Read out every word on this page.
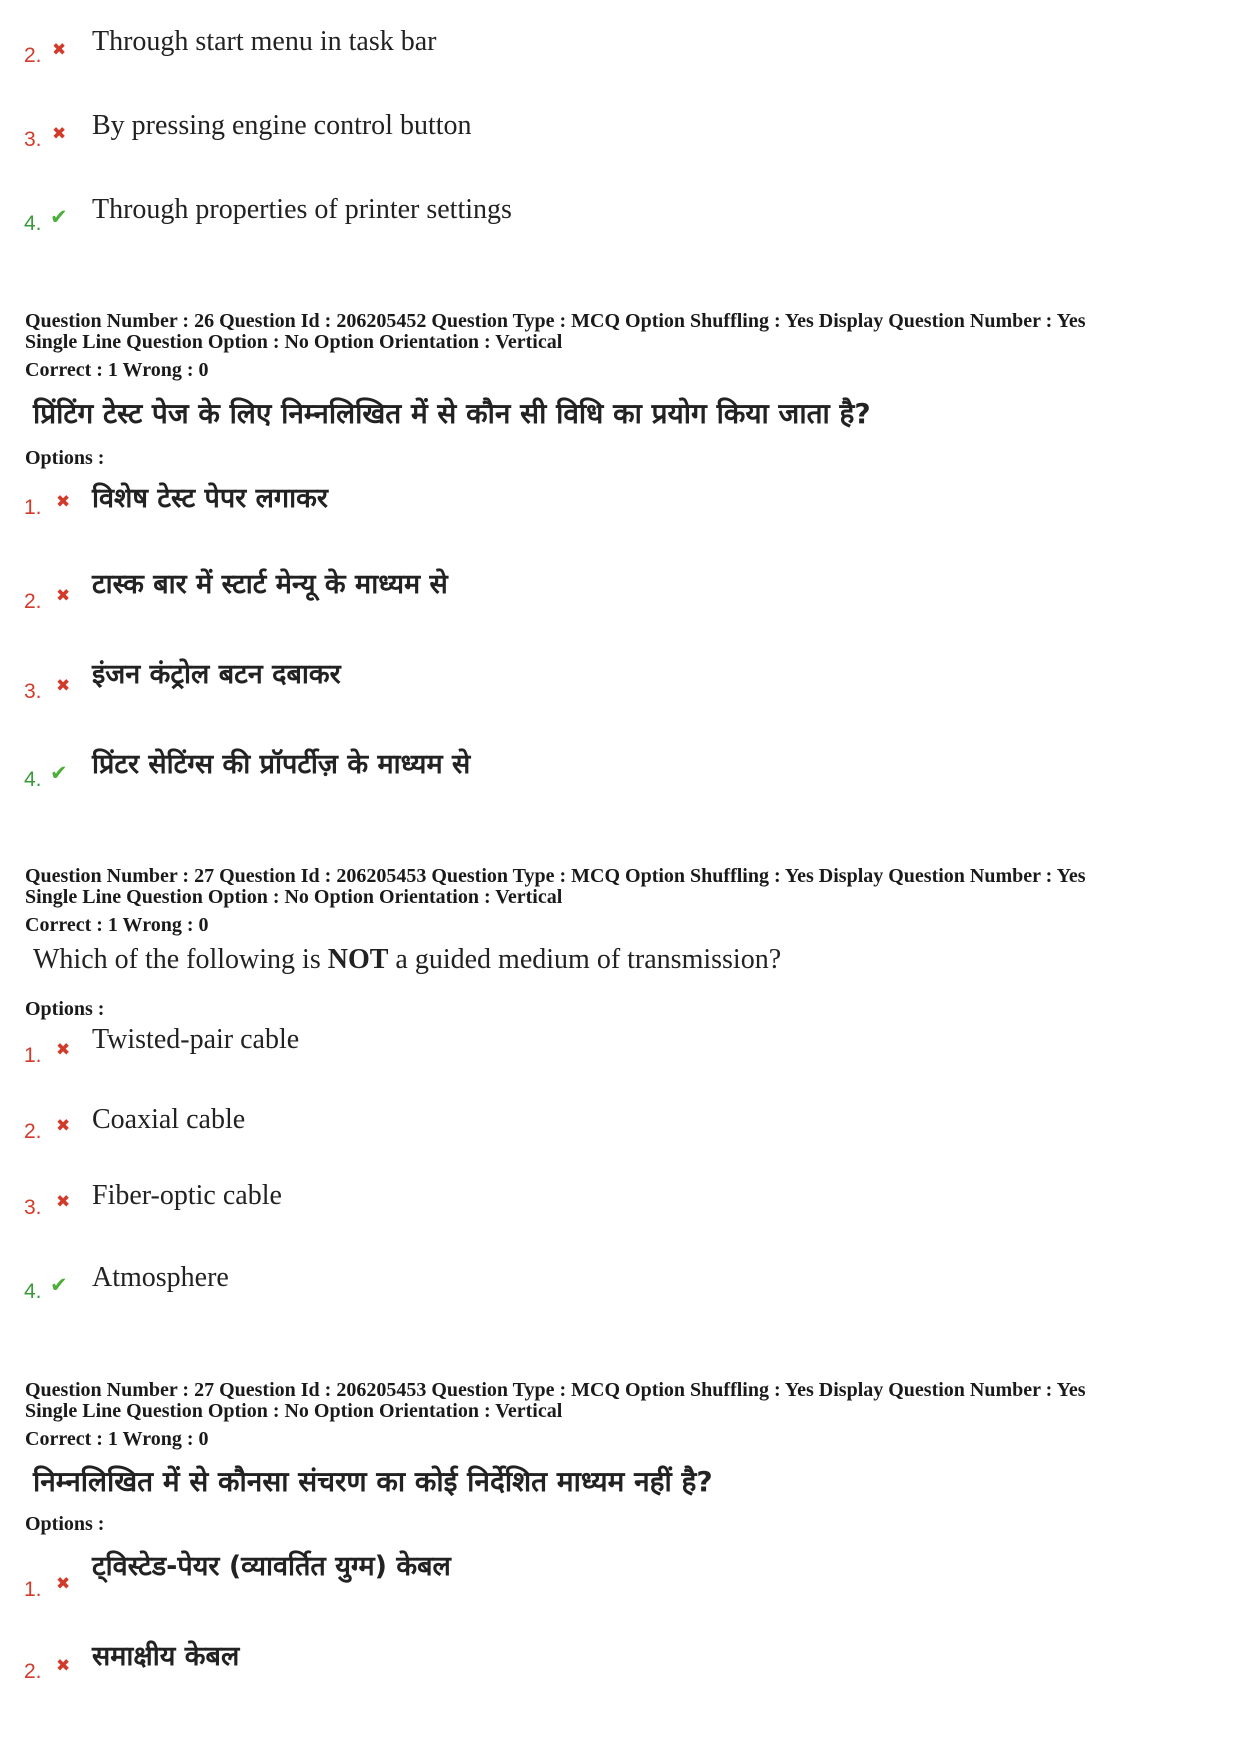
2. ✖ Through start menu in task bar
3. ✖ By pressing engine control button
4. ✔ Through properties of printer settings
Question Number : 26 Question Id : 206205452 Question Type : MCQ Option Shuffling : Yes Display Question Number : Yes
Single Line Question Option : No Option Orientation : Vertical
Correct : 1 Wrong : 0
प्रिंटिंग टेस्ट पेज के लिए निम्नलिखित में से कौन सी विधि का प्रयोग किया जाता है?
Options :
1. ✖ विशेष टेस्ट पेपर लगाकर
2. ✖ टास्क बार में स्टार्ट मेन्यू के माध्यम से
3. ✖ इंजन कंट्रोल बटन दबाकर
4. ✔ प्रिंटर सेटिंग्स की प्रॉपर्टीज़ के माध्यम से
Question Number : 27 Question Id : 206205453 Question Type : MCQ Option Shuffling : Yes Display Question Number : Yes
Single Line Question Option : No Option Orientation : Vertical
Correct : 1 Wrong : 0
Which of the following is NOT a guided medium of transmission?
Options :
1. ✖ Twisted-pair cable
2. ✖ Coaxial cable
3. ✖ Fiber-optic cable
4. ✔ Atmosphere
Question Number : 27 Question Id : 206205453 Question Type : MCQ Option Shuffling : Yes Display Question Number : Yes
Single Line Question Option : No Option Orientation : Vertical
Correct : 1 Wrong : 0
निम्नलिखित में से कौनसा संचरण का कोई निर्देशित माध्यम नहीं है?
Options :
1. ✖
ट्विस्टेड-पेयर (व्यावर्तित युग्म) केबल
2. ✖ समाक्षीय केबल
